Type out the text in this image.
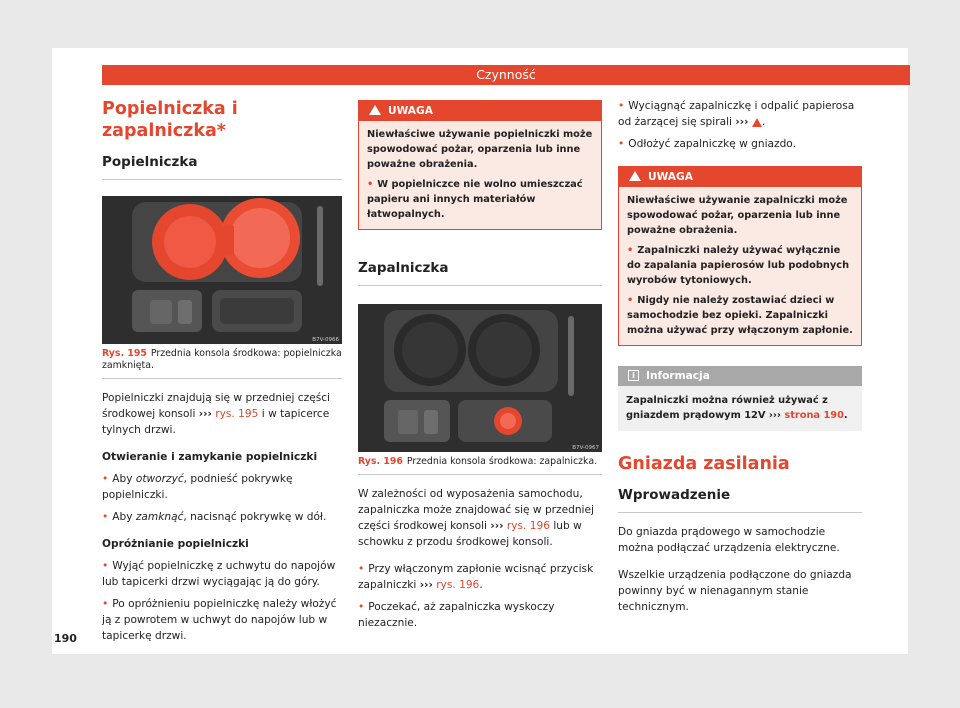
Czynność
Popielniczka i zapalniczka*
Popielniczka
B7V-0966

Rys. 195 Przednia konsola środkowa: popielniczka zamknięta.

Popielniczki znajdują się w przedniej części środkowej konsoli ››› rys. 195 i w tapicerce tylnych drzwi.

Otwieranie i zamykanie popielniczki

• Aby otworzyć, podnieść pokrywkę popielniczki.

• Aby zamknąć, nacisnąć pokrywkę w dół.

Opróżnianie popielniczki

• Wyjąć popielniczkę z uchwytu do napojów lub tapicerki drzwi wyciągając ją do góry.

• Po opróżnieniu popielniczkę należy włożyć ją z powrotem w uchwyt do napojów lub w tapicerkę drzwi.

UWAGA

Niewłaściwe używanie popielniczki może spowodować pożar, oparzenia lub inne poważne obrażenia.

• W popielniczce nie wolno umieszczać papieru ani innych materiałów łatwopalnych.

Zapalniczka
B7V-0967

Rys. 196 Przednia konsola środkowa: zapalniczka.

W zależności od wyposażenia samochodu, zapalniczka może znajdować się w przedniej części środkowej konsoli ››› rys. 196 lub w schowku z przodu środkowej konsoli.

• Przy włączonym zapłonie wcisnąć przycisk zapalniczki ››› rys. 196.

• Poczekać, aż zapalniczka wyskoczy niezacznie.

• Wyciągnąć zapalniczkę i odpalić papierosa od żarzącej się spirali ››› .

• Odłożyć zapalniczkę w gniazdo.

UWAGA

Niewłaściwe używanie zapalniczki może spowodować pożar, oparzenia lub inne poważne obrażenia.

• Zapalniczki należy używać wyłącznie do zapalania papierosów lub podobnych wyrobów tytoniowych.

• Nigdy nie należy zostawiać dzieci w samochodzie bez opieki. Zapalniczki można używać przy włączonym zapłonie.

i Informacja
Zapalniczki można również używać z gniazdem prądowym 12V ››› strona 190.
Gniazda zasilania
Wprowadzenie

Do gniazda prądowego w samochodzie można podłączać urządzenia elektryczne.

Wszelkie urządzenia podłączone do gniazda powinny być w nienagannym stanie technicznym.

190
